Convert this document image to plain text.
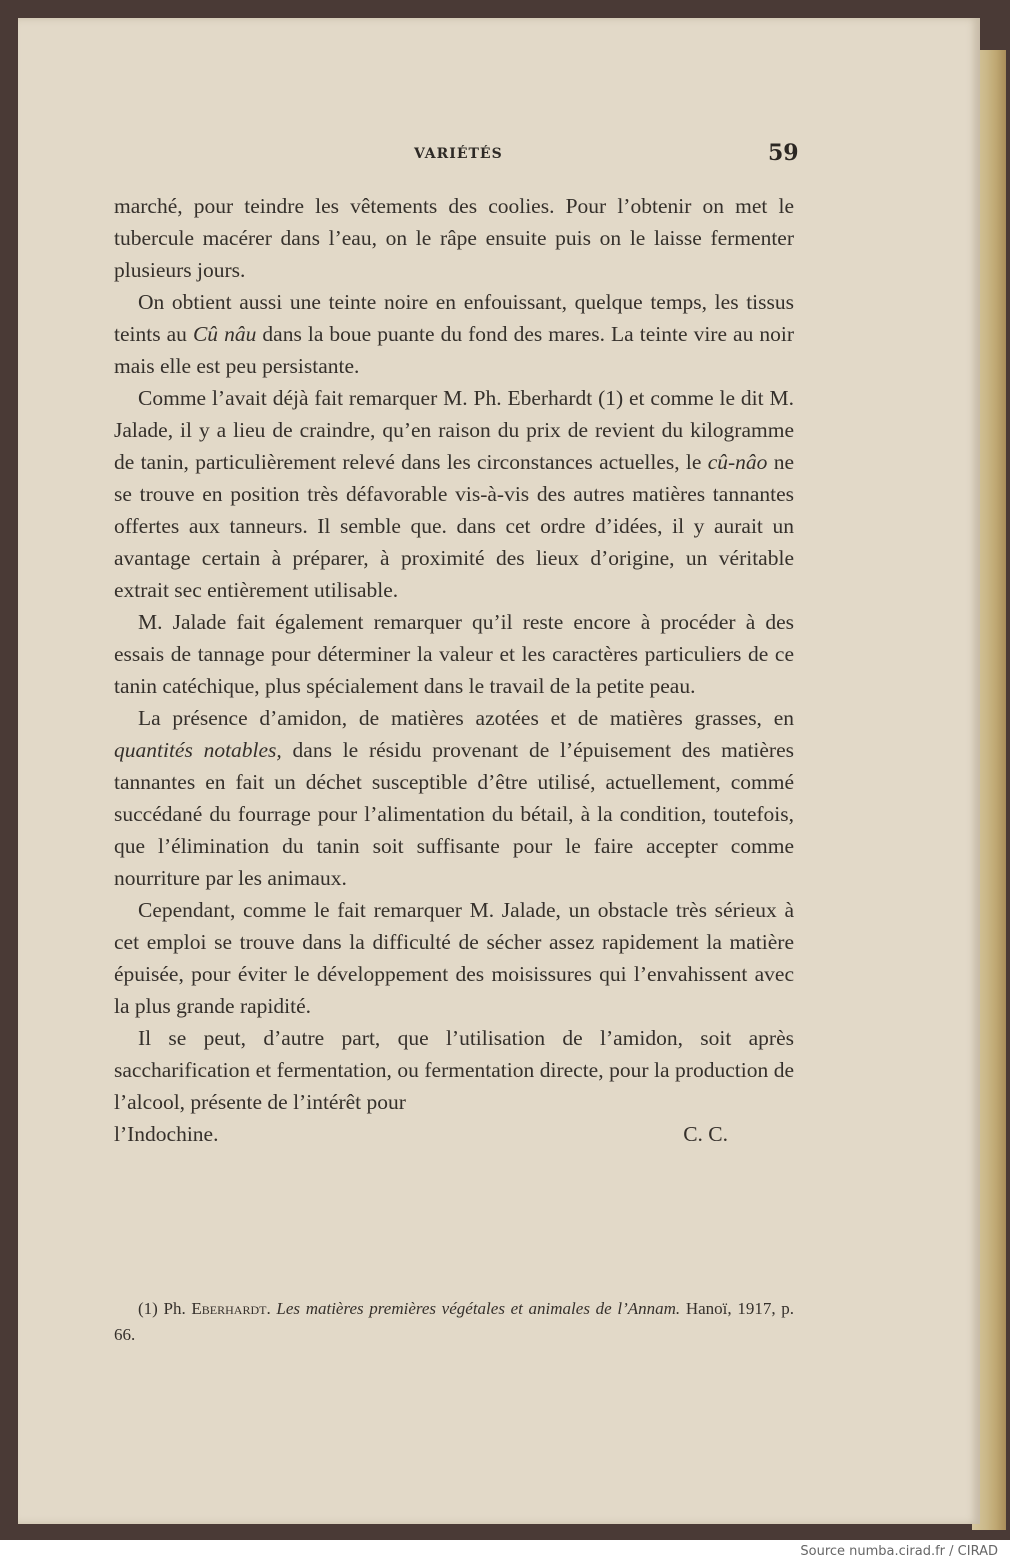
VARIÉTÉS	59

marché, pour teindre les vêtements des coolies. Pour l’obtenir on met le tubercule macérer dans l’eau, on le râpe ensuite puis on le laisse fermenter plusieurs jours.

On obtient aussi une teinte noire en enfouissant, quelque temps, les tissus teints au Cû nâu dans la boue puante du fond des mares. La teinte vire au noir mais elle est peu persistante.

Comme l’avait déjà fait remarquer M. Ph. Eberhardt (1) et comme le dit M. Jalade, il y a lieu de craindre, qu’en raison du prix de revient du kilogramme de tanin, particulièrement relevé dans les circonstances actuelles, le cû-nâo ne se trouve en position très défavorable vis-à-vis des autres matières tannantes offertes aux tanneurs. Il semble que. dans cet ordre d’idées, il y aurait un avantage certain à préparer, à proximité des lieux d’origine, un véritable extrait sec entièrement utilisable.

M. Jalade fait également remarquer qu’il reste encore à procéder à des essais de tannage pour déterminer la valeur et les caractères particuliers de ce tanin catéchique, plus spécialement dans le travail de la petite peau.

La présence d’amidon, de matières azotées et de matières grasses, en quantités notables, dans le résidu provenant de l’épuisement des matières tannantes en fait un déchet susceptible d’être utilisé, actuellement, commé succédané du fourrage pour l’alimentation du bétail, à la condition, toutefois, que l’élimination du tanin soit suffisante pour le faire accepter comme nourriture par les animaux.

Cependant, comme le fait remarquer M. Jalade, un obstacle très sérieux à cet emploi se trouve dans la difficulté de sécher assez rapidement la matière épuisée, pour éviter le développement des moisissures qui l’envahissent avec la plus grande rapidité.

Il se peut, d’autre part, que l’utilisation de l’amidon, soit après saccharification et fermentation, ou fermentation directe, pour la production de l’alcool, présente de l’intérêt pour

l’Indochine.	C. C.
(1) Ph. Eberhardt. Les matières premières végétales et animales de l’Annam. Hanoï, 1917, p. 66.
Source numba.cirad.fr / CIRAD
